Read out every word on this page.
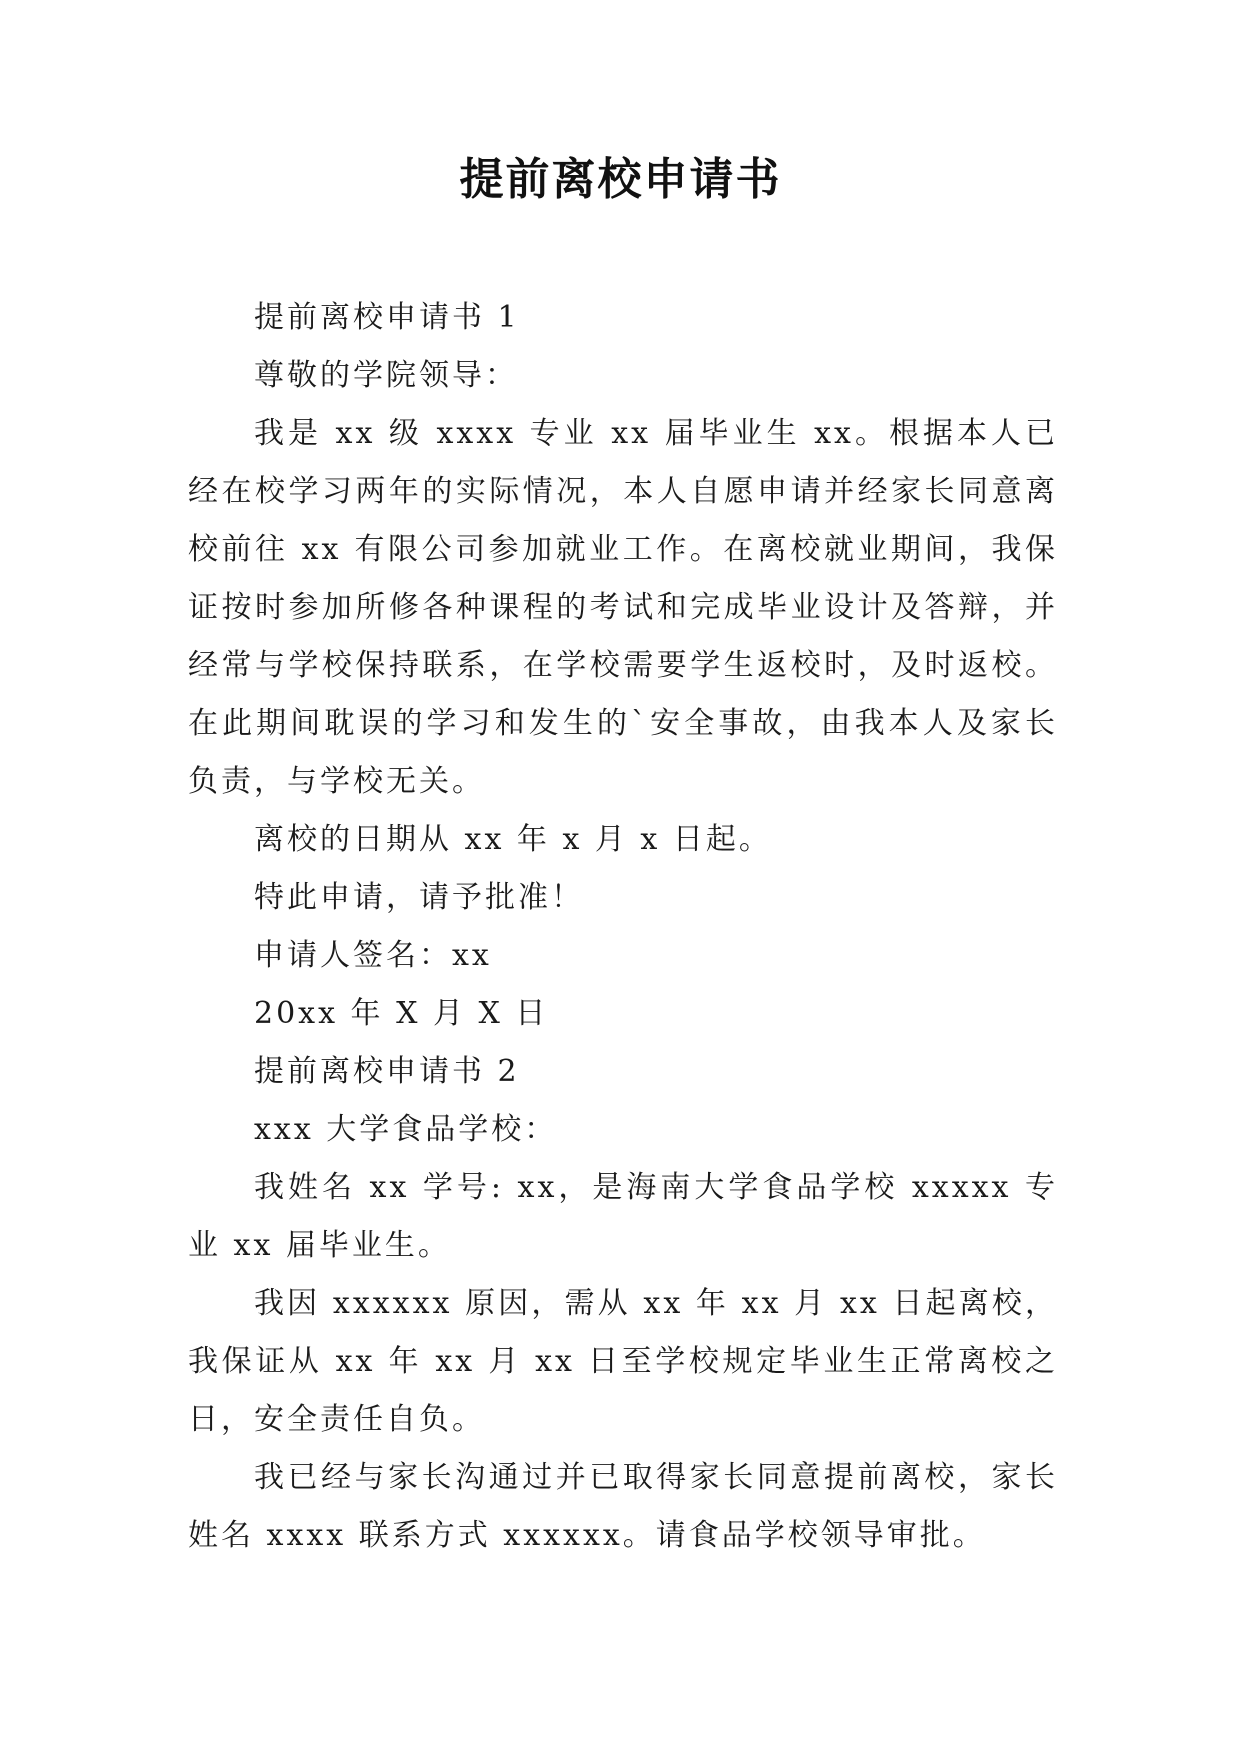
提前离校申请书

提前离校申请书 1

尊敬的学院领导：

我是 xx 级 xxxx 专业 xx 届毕业生 xx。根据本人已经在校学习两年的实际情况，本人自愿申请并经家长同意离校前往 xx 有限公司参加就业工作。在离校就业期间，我保证按时参加所修各种课程的考试和完成毕业设计及答辩，并经常与学校保持联系，在学校需要学生返校时，及时返校。在此期间耽误的学习和发生的`安全事故，由我本人及家长负责，与学校无关。

离校的日期从 xx 年 x 月 x 日起。

特此申请，请予批准！

申请人签名：xx

20xx 年 X 月 X 日

提前离校申请书 2

xxx 大学食品学校：

我姓名 xx 学号: xx，是海南大学食品学校 xxxxx 专业 xx 届毕业生。

我因 xxxxxx 原因，需从 xx 年 xx 月 xx 日起离校，我保证从 xx 年 xx 月 xx 日至学校规定毕业生正常离校之日，安全责任自负。

我已经与家长沟通过并已取得家长同意提前离校，家长姓名 xxxx 联系方式 xxxxxx。请食品学校领导审批。
